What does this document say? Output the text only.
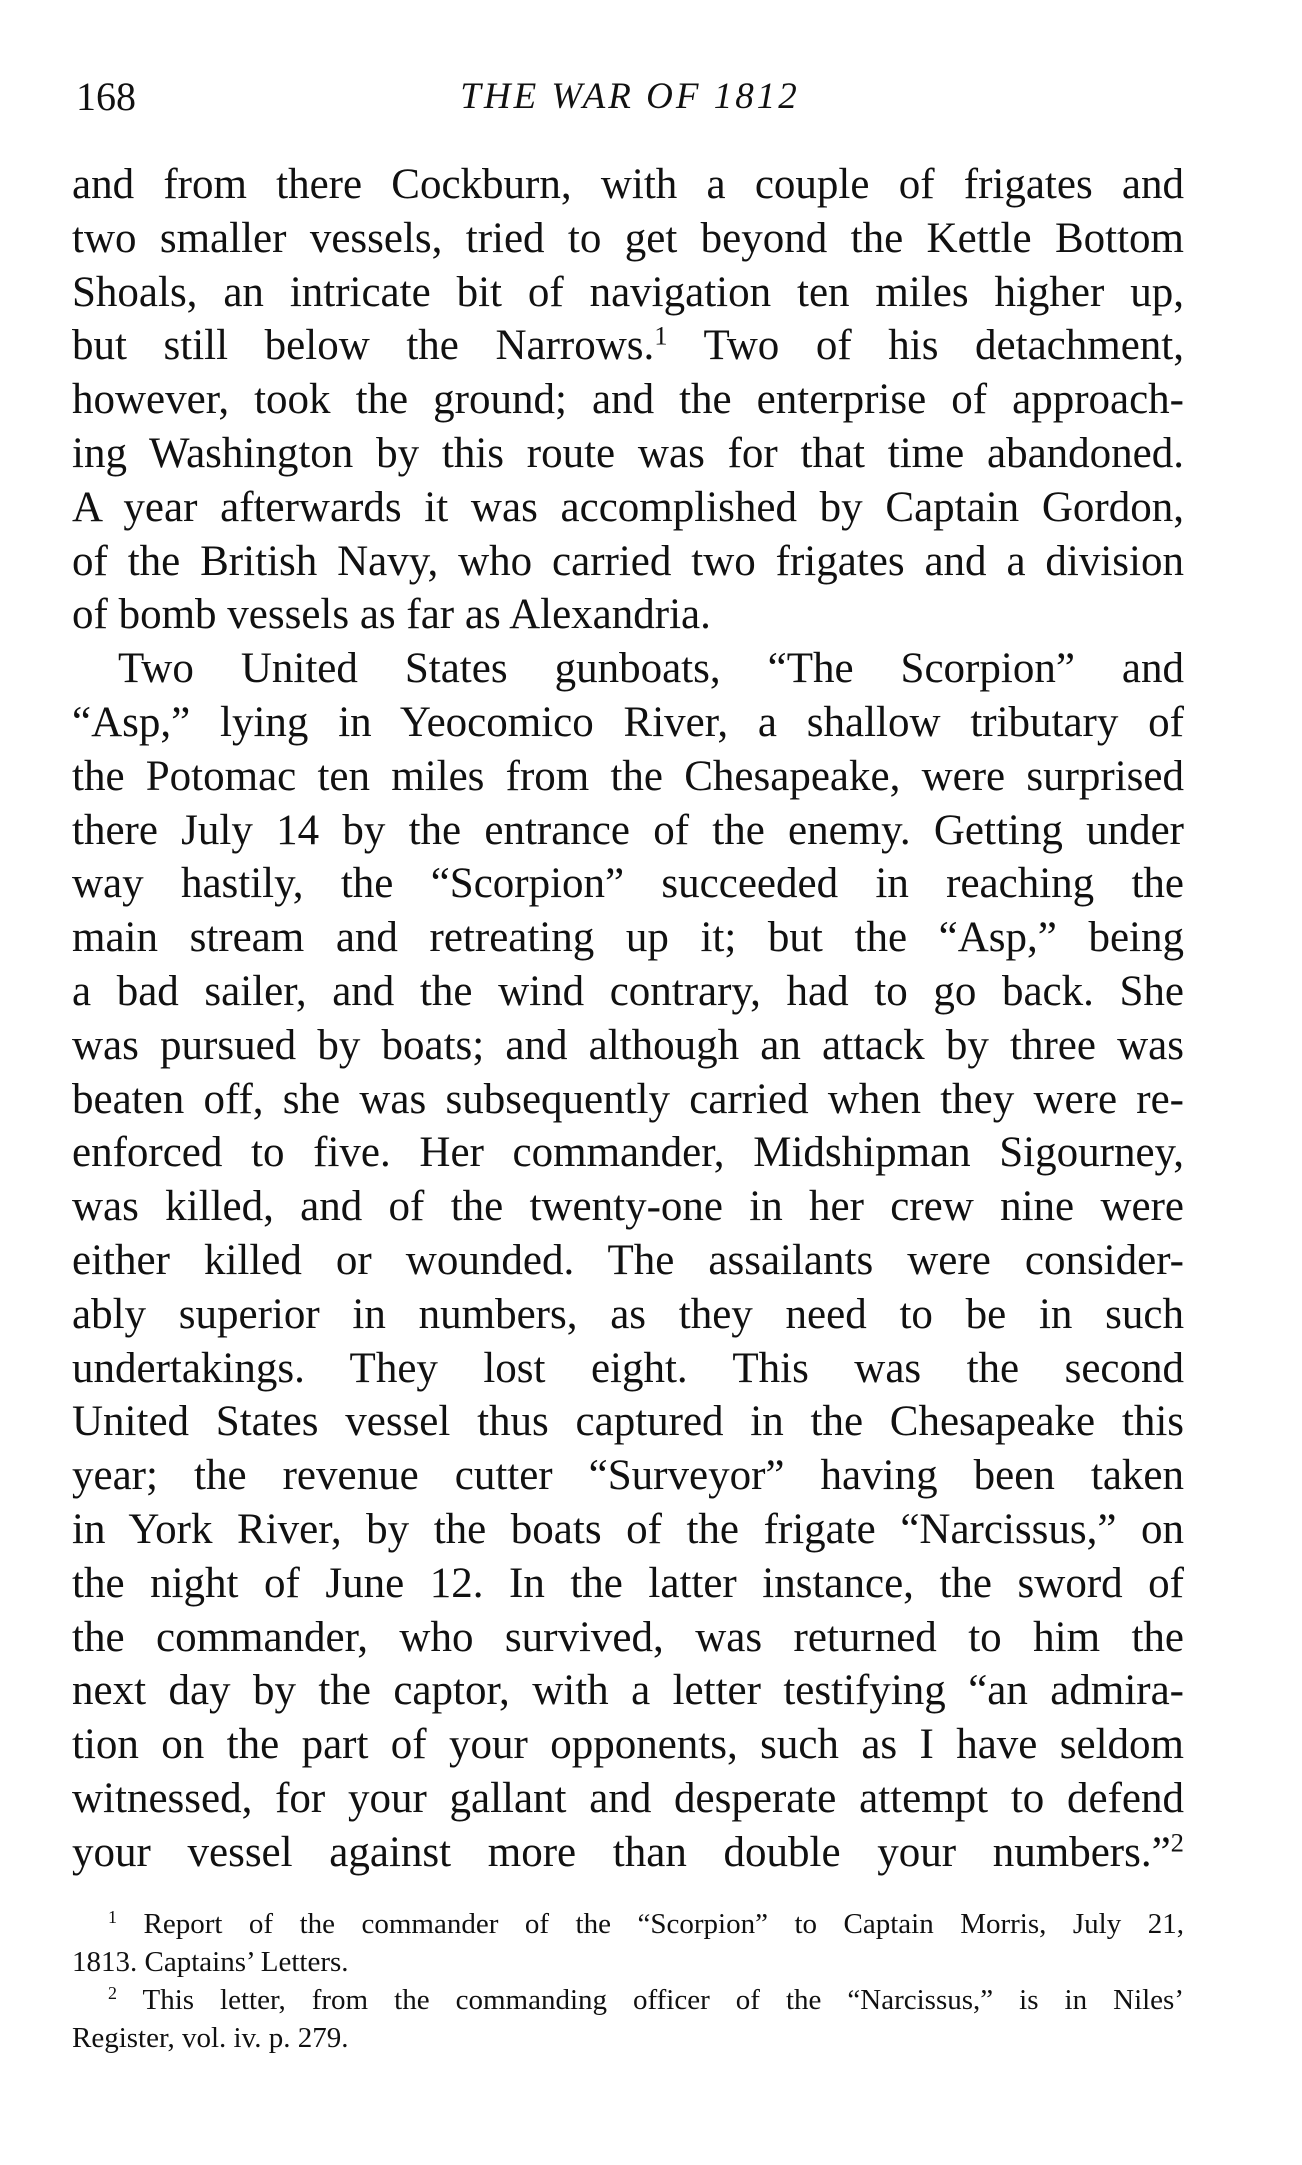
168	THE WAR OF 1812
and from there Cockburn, with a couple of frigates and
two smaller vessels, tried to get beyond the Kettle Bottom
Shoals, an intricate bit of navigation ten miles higher up,
but still below the Narrows.$^1$ Two of his detachment,
however, took the ground; and the enterprise of approach-
ing Washington by this route was for that time abandoned.
A year afterwards it was accomplished by Captain Gordon,
of the British Navy, who carried two frigates and a division
of bomb vessels as far as Alexandria.
Two United States gunboats, “The Scorpion” and
“Asp,” lying in Yeocomico River, a shallow tributary of
the Potomac ten miles from the Chesapeake, were surprised
there July 14 by the entrance of the enemy. Getting under
way hastily, the “Scorpion” succeeded in reaching the
main stream and retreating up it; but the “Asp,” being
a bad sailer, and the wind contrary, had to go back. She
was pursued by boats; and although an attack by three was
beaten off, she was subsequently carried when they were re-
enforced to five. Her commander, Midshipman Sigourney,
was killed, and of the twenty-one in her crew nine were
either killed or wounded. The assailants were consider-
ably superior in numbers, as they need to be in such
undertakings. They lost eight. This was the second
United States vessel thus captured in the Chesapeake this
year; the revenue cutter “Surveyor” having been taken
in York River, by the boats of the frigate “Narcissus,” on
the night of June 12. In the latter instance, the sword of
the commander, who survived, was returned to him the
next day by the captor, with a letter testifying “an admira-
tion on the part of your opponents, such as I have seldom
witnessed, for your gallant and desperate attempt to defend
your vessel against more than double your numbers.”$^2$
$^1$ Report of the commander of the “Scorpion” to Captain Morris, July 21,
1813. Captains’ Letters.
$^2$ This letter, from the commanding officer of the “Narcissus,” is in Niles’
Register, vol. iv. p. 279.
